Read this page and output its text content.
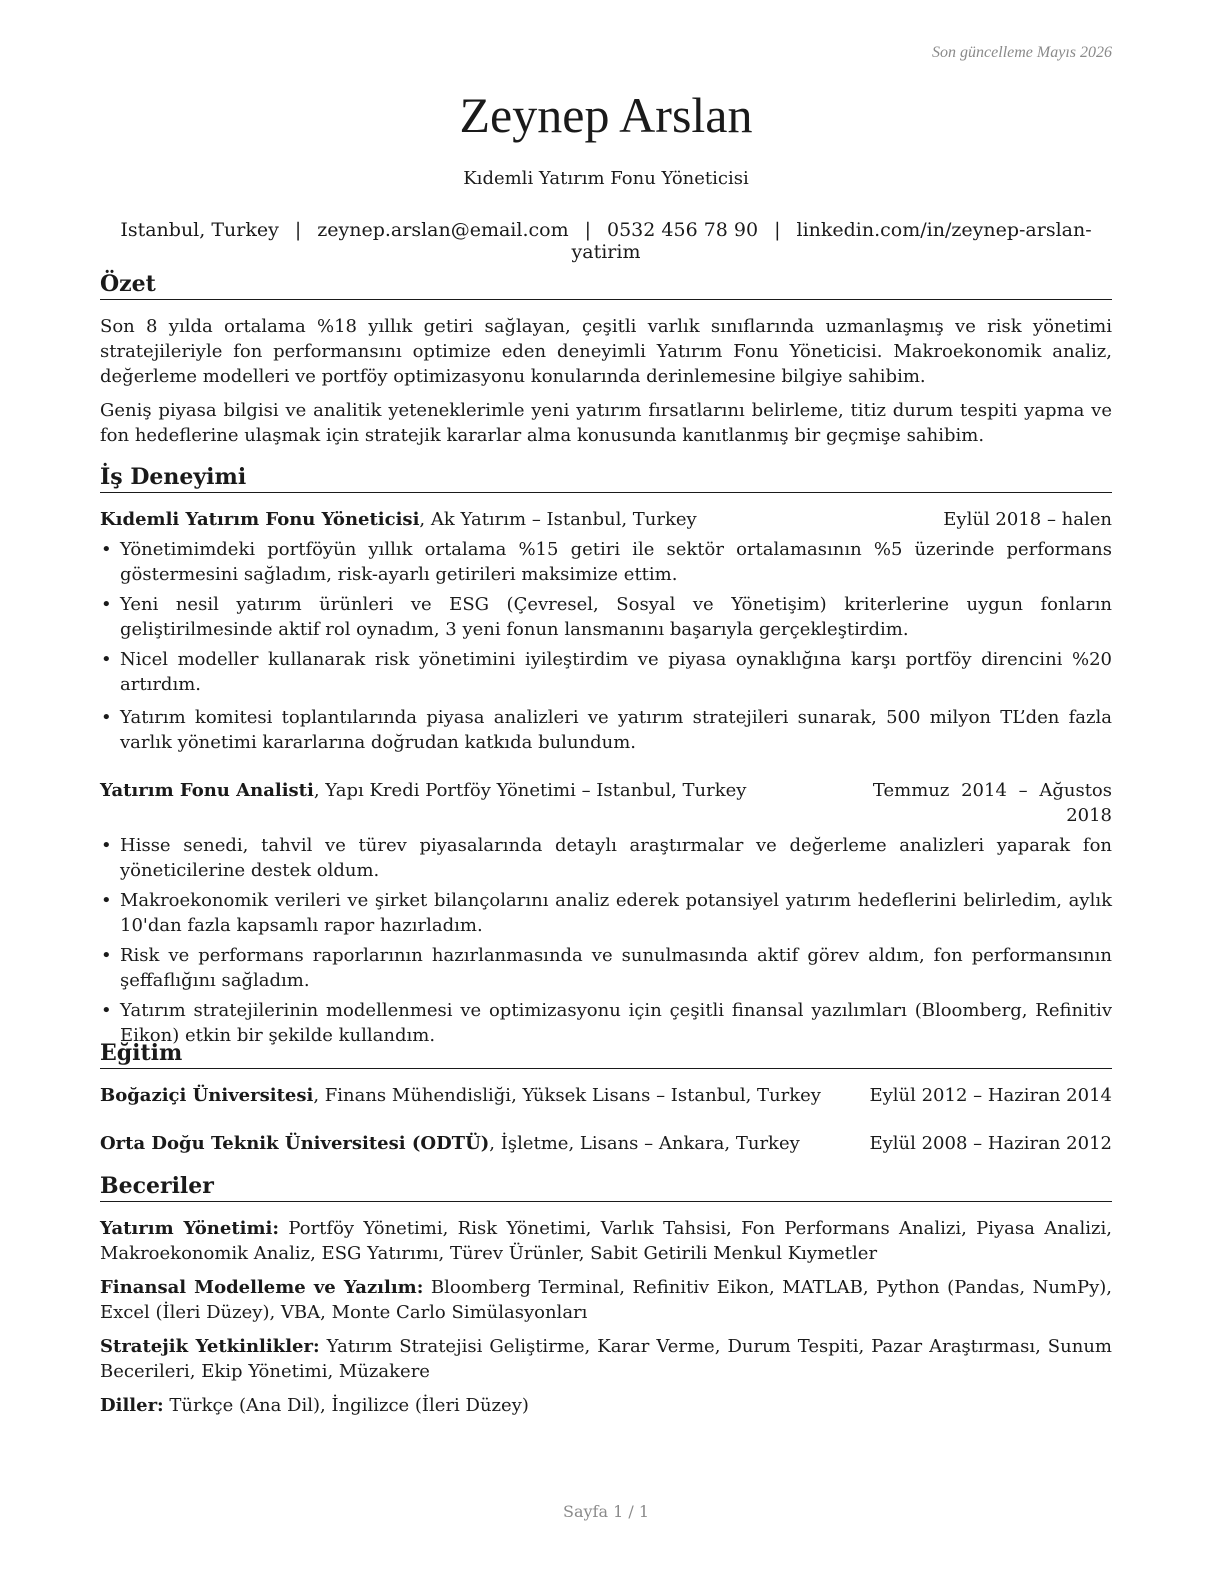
Son güncelleme Mayıs 2026
Zeynep Arslan
Kıdemli Yatırım Fonu Yöneticisi
Istanbul, Turkey | zeynep.arslan@email.com | 0532 456 78 90 | linkedin.com/in/zeynep-arslan-yatirim
Özet

Son 8 yılda ortalama %18 yıllık getiri sağlayan, çeşitli varlık sınıflarında uzmanlaşmış ve risk yönetimi stratejileriyle fon performansını optimize eden deneyimli Yatırım Fonu Yöneticisi. Makroekonomik analiz, değerleme modelleri ve portföy optimizasyonu konularında derinlemesine bilgiye sahibim.

Geniş piyasa bilgisi ve analitik yeteneklerimle yeni yatırım fırsatlarını belirleme, titiz durum tespiti yapma ve fon hedeflerine ulaşmak için stratejik kararlar alma konusunda kanıtlanmış bir geçmişe sahibim.

İş Deneyimi
Kıdemli Yatırım Fonu Yöneticisi, Ak Yatırım – Istanbul, Turkey	Eylül 2018 – halen
• Yönetimimdeki portföyün yıllık ortalama %15 getiri ile sektör ortalamasının %5 üzerinde performans göstermesini sağladım, risk-ayarlı getirileri maksimize ettim.
• Yeni nesil yatırım ürünleri ve ESG (Çevresel, Sosyal ve Yönetişim) kriterlerine uygun fonların geliştirilmesinde aktif rol oynadım, 3 yeni fonun lansmanını başarıyla gerçekleştirdim.
• Nicel modeller kullanarak risk yönetimini iyileştirdim ve piyasa oynaklığına karşı portföy direncini %20 artırdım.
• Yatırım komitesi toplantılarında piyasa analizleri ve yatırım stratejileri sunarak, 500 milyon TL’den fazla varlık yönetimi kararlarına doğrudan katkıda bulundum.
Yatırım Fonu Analisti, Yapı Kredi Portföy Yönetimi – Istanbul, Turkey	Temmuz 2014 – Ağustos
2018
• Hisse senedi, tahvil ve türev piyasalarında detaylı araştırmalar ve değerleme analizleri yaparak fon yöneticilerine destek oldum.
• Makroekonomik verileri ve şirket bilançolarını analiz ederek potansiyel yatırım hedeflerini belirledim, aylık 10'dan fazla kapsamlı rapor hazırladım.
• Risk ve performans raporlarının hazırlanmasında ve sunulmasında aktif görev aldım, fon performansının şeffaflığını sağladım.
• Yatırım stratejilerinin modellenmesi ve optimizasyonu için çeşitli finansal yazılımları (Bloomberg, Refinitiv Eikon) etkin bir şekilde kullandım.
Eğitim
Boğaziçi Üniversitesi, Finans Mühendisliği, Yüksek Lisans – Istanbul, Turkey	Eylül 2012 – Haziran 2014
Orta Doğu Teknik Üniversitesi (ODTÜ), İşletme, Lisans – Ankara, Turkey	Eylül 2008 – Haziran 2012
Beceriler

Yatırım Yönetimi: Portföy Yönetimi, Risk Yönetimi, Varlık Tahsisi, Fon Performans Analizi, Piyasa Analizi, Makroekonomik Analiz, ESG Yatırımı, Türev Ürünler, Sabit Getirili Menkul Kıymetler

Finansal Modelleme ve Yazılım: Bloomberg Terminal, Refinitiv Eikon, MATLAB, Python (Pandas, NumPy), Excel (İleri Düzey), VBA, Monte Carlo Simülasyonları

Stratejik Yetkinlikler: Yatırım Stratejisi Geliştirme, Karar Verme, Durum Tespiti, Pazar Araştırması, Sunum Becerileri, Ekip Yönetimi, Müzakere

Diller: Türkçe (Ana Dil), İngilizce (İleri Düzey)

Sayfa 1 / 1
